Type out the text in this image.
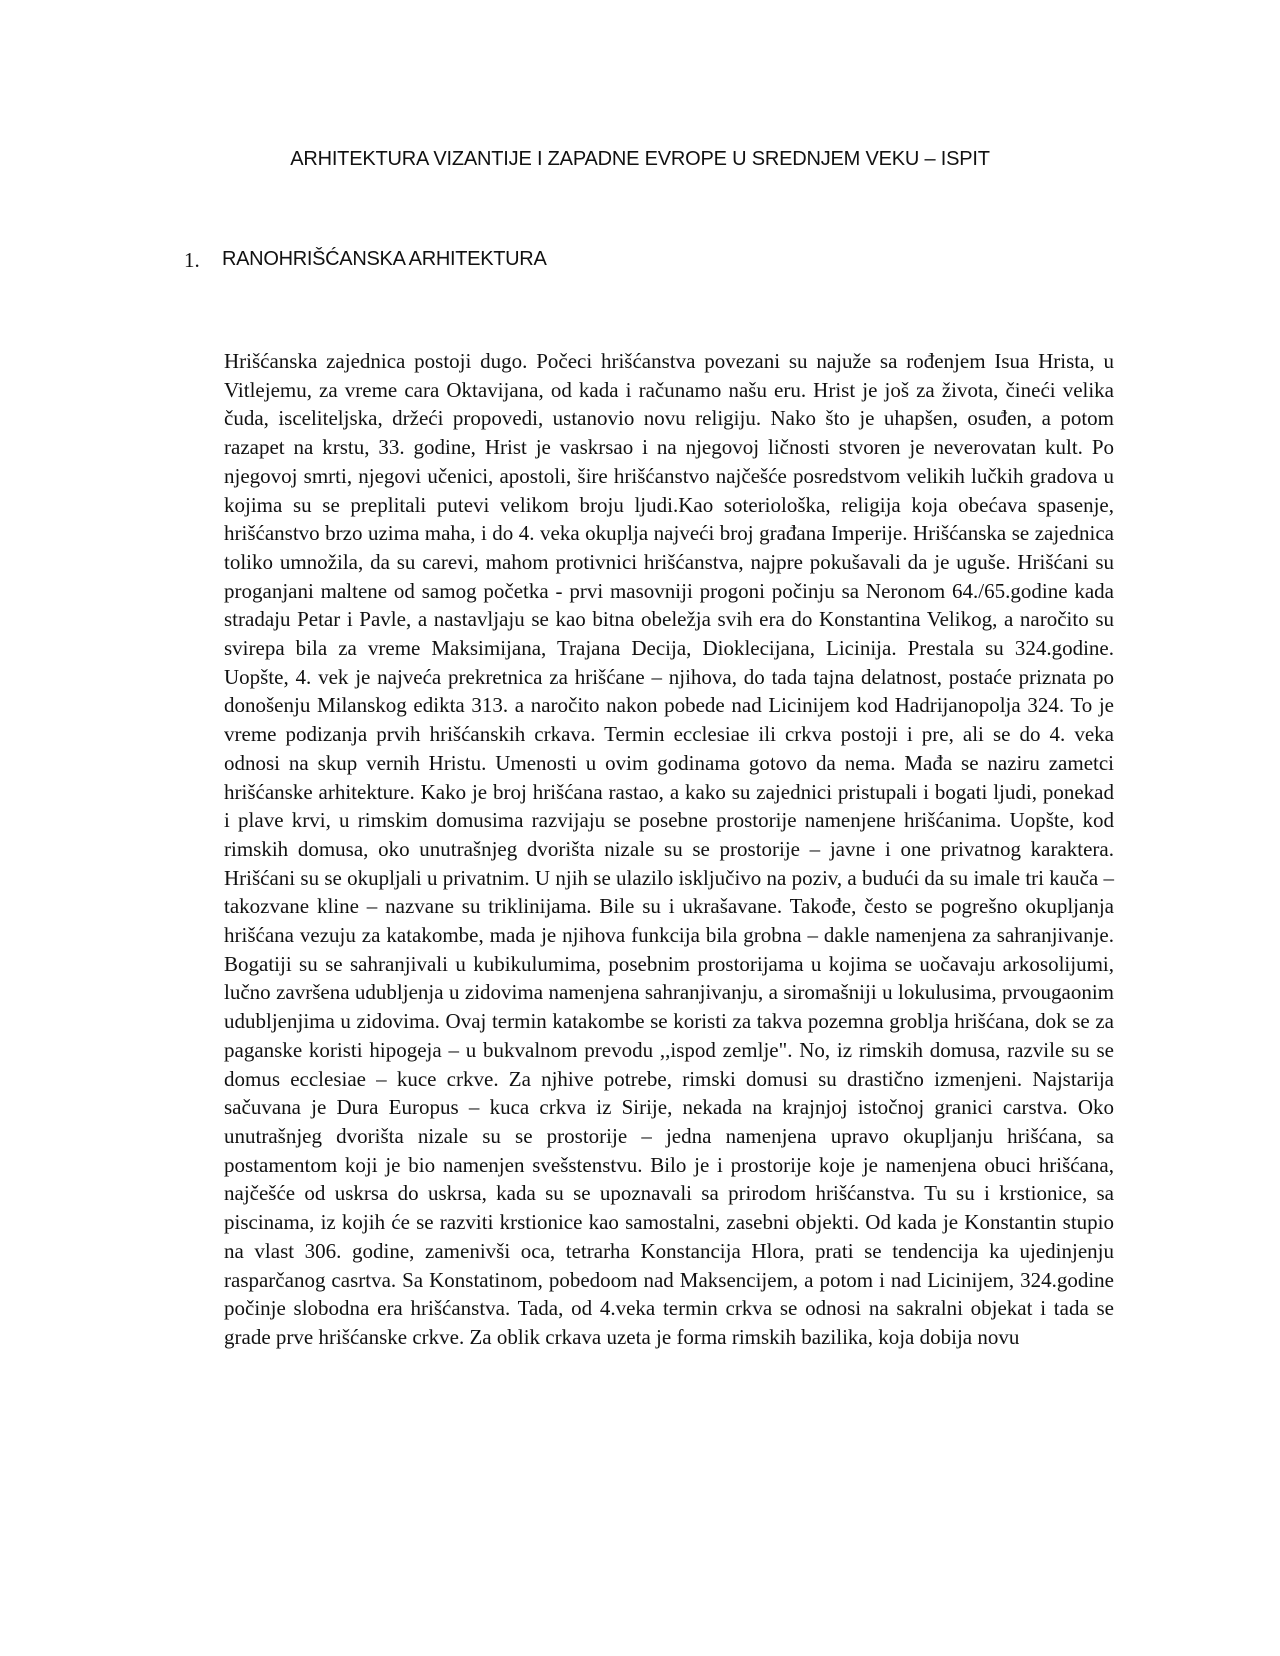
ARHITEKTURA VIZANTIJE I ZAPADNE EVROPE U SREDNJEM VEKU – ISPIT
1.	RANOHRIŠĆANSKA ARHITEKTURA

Hrišćanska zajednica postoji dugo. Počeci hrišćanstva povezani su najuže sa rođenjem Isua Hrista, u Vitlejemu, za vreme cara Oktavijana, od kada i računamo našu eru. Hrist je još za života, čineći velika čuda, isceliteljska, držeći propovedi, ustanovio novu religiju. Nako što je uhapšen, osuđen, a potom razapet na krstu, 33. godine, Hrist je vaskrsao i na njegovoj ličnosti stvoren je neverovatan kult. Po njegovoj smrti, njegovi učenici, apostoli, šire hrišćanstvo najčešće posredstvom velikih lučkih gradova u kojima su se preplitali putevi velikom broju ljudi.Kao soteriološka, religija koja obećava spasenje, hrišćanstvo brzo uzima maha, i do 4. veka okuplja najveći broj građana Imperije. Hrišćanska se zajednica toliko umnožila, da su carevi, mahom protivnici hrišćanstva, najpre pokušavali da je uguše. Hrišćani su proganjani maltene od samog početka - prvi masovniji progoni počinju sa Neronom 64./65.godine kada stradaju Petar i Pavle, a nastavljaju se kao bitna obeležja svih era do Konstantina Velikog, a naročito su svirepa bila za vreme Maksimijana, Trajana Decija, Dioklecijana, Licinija. Prestala su 324.godine. Uopšte, 4. vek je najveća prekretnica za hrišćane – njihova, do tada tajna delatnost, postaće priznata po donošenju Milanskog edikta 313. a naročito nakon pobede nad Licinijem kod Hadrijanopolja 324. To je vreme podizanja prvih hrišćanskih crkava. Termin ecclesiae ili crkva postoji i pre, ali se do 4. veka odnosi na skup vernih Hristu. Umenosti u ovim godinama gotovo da nema. Mađa se naziru zametci hrišćanske arhitekture. Kako je broj hrišćana rastao, a kako su zajednici pristupali i bogati ljudi, ponekad i plave krvi, u rimskim domusima razvijaju se posebne prostorije namenjene hrišćanima. Uopšte, kod rimskih domusa, oko unutrašnjeg dvorišta nizale su se prostorije – javne i one privatnog karaktera. Hrišćani su se okupljali u privatnim. U njih se ulazilo isključivo na poziv, a budući da su imale tri kauča – takozvane kline – nazvane su triklinijama. Bile su i ukrašavane. Takođe, često se pogrešno okupljanja hrišćana vezuju za katakombe, mada je njihova funkcija bila grobna – dakle namenjena za sahranjivanje. Bogatiji su se sahranjivali u kubikulumima, posebnim prostorijama u kojima se uočavaju arkosolijumi, lučno završena udubljenja u zidovima namenjena sahranjivanju, a siromašniji u lokulusima, prvougaonim udubljenjima u zidovima. Ovaj termin katakombe se koristi za takva pozemna groblja hrišćana, dok se za paganske koristi hipogeja – u bukvalnom prevodu ,,ispod zemlje". No, iz rimskih domusa, razvile su se domus ecclesiae – kuce crkve. Za njhive potrebe, rimski domusi su drastično izmenjeni. Najstarija sačuvana je Dura Europus – kuca crkva iz Sirije, nekada na krajnjoj istočnoj granici carstva. Oko unutrašnjeg dvorišta nizale su se prostorije – jedna namenjena upravo okupljanju hrišćana, sa postamentom koji je bio namenjen svešstenstvu. Bilo je i prostorije koje je namenjena obuci hrišćana, najčešće od uskrsa do uskrsa, kada su se upoznavali sa prirodom hrišćanstva. Tu su i krstionice, sa piscinama, iz kojih će se razviti krstionice kao samostalni, zasebni objekti. Od kada je Konstantin stupio na vlast 306. godine, zamenivši oca, tetrarha Konstancija Hlora, prati se tendencija ka ujedinjenju rasparčanog casrtva. Sa Konstatinom, pobedoom nad Maksencijem, a potom i nad Licinijem, 324.godine počinje slobodna era hrišćanstva. Tada, od 4.veka termin crkva se odnosi na sakralni objekat i tada se grade prve hrišćanske crkve. Za oblik crkava uzeta je forma rimskih bazilika, koja dobija novu
